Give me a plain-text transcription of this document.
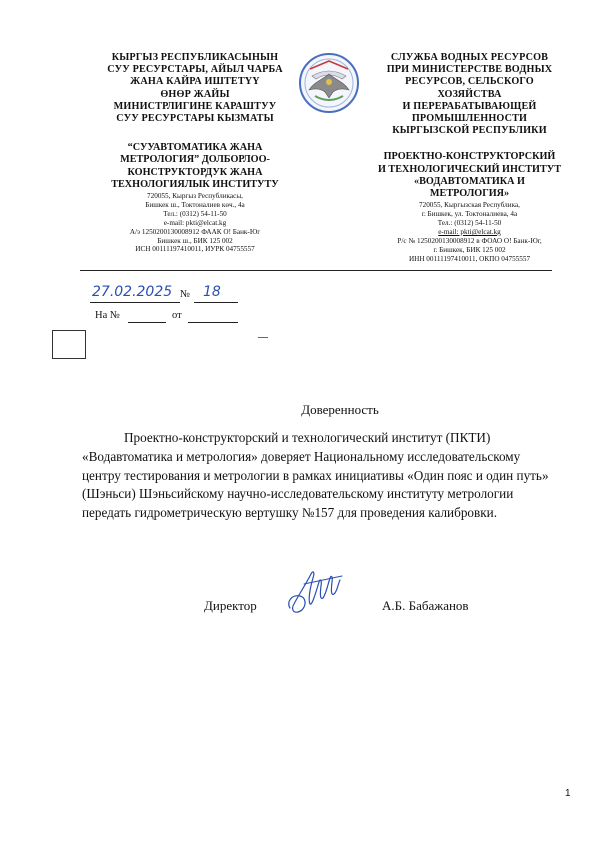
КЫРГЫЗ РЕСПУБЛИКАСЫНЫН
СУУ РЕСУРСТАРЫ, АЙЫЛ ЧАРБА
ЖАНА КАЙРА ИШТЕТҮҮ
ӨНӨР ЖАЙЫ
МИНИСТРЛИГИНЕ КАРАШТУУ
СУУ РЕСУРСТАРЫ КЫЗМАТЫ
“СУУАВТОМАТИКА ЖАНА
МЕТРОЛОГИЯ” ДОЛБОРЛОО-
КОНСТРУКТОРДУК ЖАНА
ТЕХНОЛОГИЯЛЫК ИНСТИТУТУ
720055, Кыргыз Республикасы,
Бишкек ш., Токтоналиев көч., 4а
Тел.: (0312) 54-11-50
e-mail: pkti@elcat.kg
А/э 1250200130008912 ФААК О! Банк-Юг
Бишкек ш., БИК 125 002
ИСН 00111197410011, ИУРК 04755557
СЛУЖБА ВОДНЫХ РЕСУРСОВ
ПРИ МИНИСТЕРСТВЕ ВОДНЫХ
РЕСУРСОВ, СЕЛЬСКОГО
ХОЗЯЙСТВА
И ПЕРЕРАБАТЫВАЮЩЕЙ
ПРОМЫШЛЕННОСТИ
КЫРГЫЗСКОЙ РЕСПУБЛИКИ
ПРОЕКТНО-КОНСТРУКТОРСКИЙ
И ТЕХНОЛОГИЧЕСКИЙ ИНСТИТУТ
«ВОДАВТОМАТИКА И
МЕТРОЛОГИЯ»
720055, Кыргызская Республика,
г. Бишкек, ул. Токтоналиева, 4а
Тел.: (0312) 54-11-50
e-mail: pkti@elcat.kg
Р/с № 1250200130008912 в ФОАО О! Банк-Юг,
г. Бишкек, БИК 125 002
ИНН 00111197410011, ОКПО 04755557
27.02.2025 № 18
На №	от
Доверенность

Проектно-конструкторский и технологический институт (ПКТИ) «Водавтоматика и метрология» доверяет Национальному исследовательскому центру тестирования и метрологии в рамках инициативы «Один пояс и один путь» (Шэньси) Шэньсийскому научно-исследовательскому институту метрологии передать гидрометрическую вертушку №157 для проведения калибровки.

Директор	А.Б. Бабажанов
1
